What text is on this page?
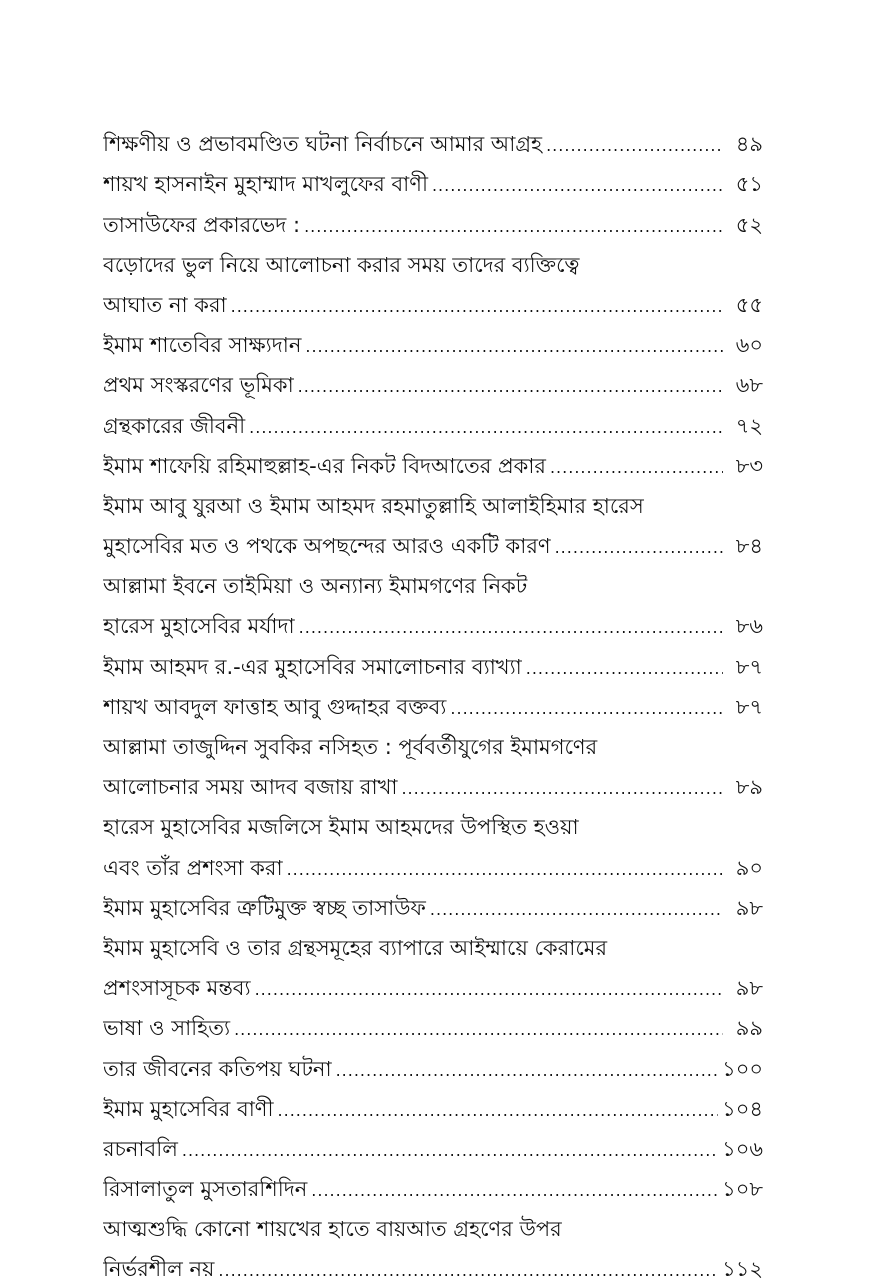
শিক্ষণীয় ও প্রভাবমণ্ডিত ঘটনা নির্বাচনে আমার আগ্রহ .....	৪৯
শায়খ হাসনাইন মুহাম্মাদ মাখলুফের বাণী .....	৫১
তাসাউফের প্রকারভেদ : .....	৫২
বড়োদের ভুল নিয়ে আলোচনা করার সময় তাদের ব্যক্তিত্বে
আঘাত না করা .....	৫৫
ইমাম শাতেবির সাক্ষ্যদান .....	৬০
প্রথম সংস্করণের ভূমিকা .....	৬৮
গ্রন্থকারের জীবনী .....	৭২
ইমাম শাফেয়ি রহিমাহুল্লাহ-এর নিকট বিদআতের প্রকার .....	৮৩
ইমাম আবু যুরআ ও ইমাম আহমদ রহমাতুল্লাহি আলাইহিমার হারেস
মুহাসেবির মত ও পথকে অপছন্দের আরও একটি কারণ .....	৮৪
আল্লামা ইবনে তাইমিয়া ও অন্যান্য ইমামগণের নিকট
হারেস মুহাসেবির মর্যাদা .....	৮৬
ইমাম আহমদ র.-এর মুহাসেবির সমালোচনার ব্যাখ্যা .....	৮৭
শায়খ আবদুল ফাত্তাহ আবু গুদ্দাহর বক্তব্য .....	৮৭
আল্লামা তাজুদ্দিন সুবকির নসিহত : পূর্ববর্তীযুগের ইমামগণের
আলোচনার সময় আদব বজায় রাখা .....	৮৯
হারেস মুহাসেবির মজলিসে ইমাম আহমদের উপস্থিত হওয়া
এবং তাঁর প্রশংসা করা .....	৯০
ইমাম মুহাসেবির ত্রুটিমুক্ত স্বচ্ছ তাসাউফ .....	৯৮
ইমাম মুহাসেবি ও তার গ্রন্থসমূহের ব্যাপারে আইম্মায়ে কেরামের
প্রশংসাসূচক মন্তব্য .....	৯৮
ভাষা ও সাহিত্য .....	৯৯
তার জীবনের কতিপয় ঘটনা .....	১০০
ইমাম মুহাসেবির বাণী .....	১০৪
রচনাবলি .....	১০৬
রিসালাতুল মুসতারশিদিন .....	১০৮
আত্মশুদ্ধি কোনো শায়খের হাতে বায়আত গ্রহণের উপর
নির্ভরশীল নয় .....	১১২
